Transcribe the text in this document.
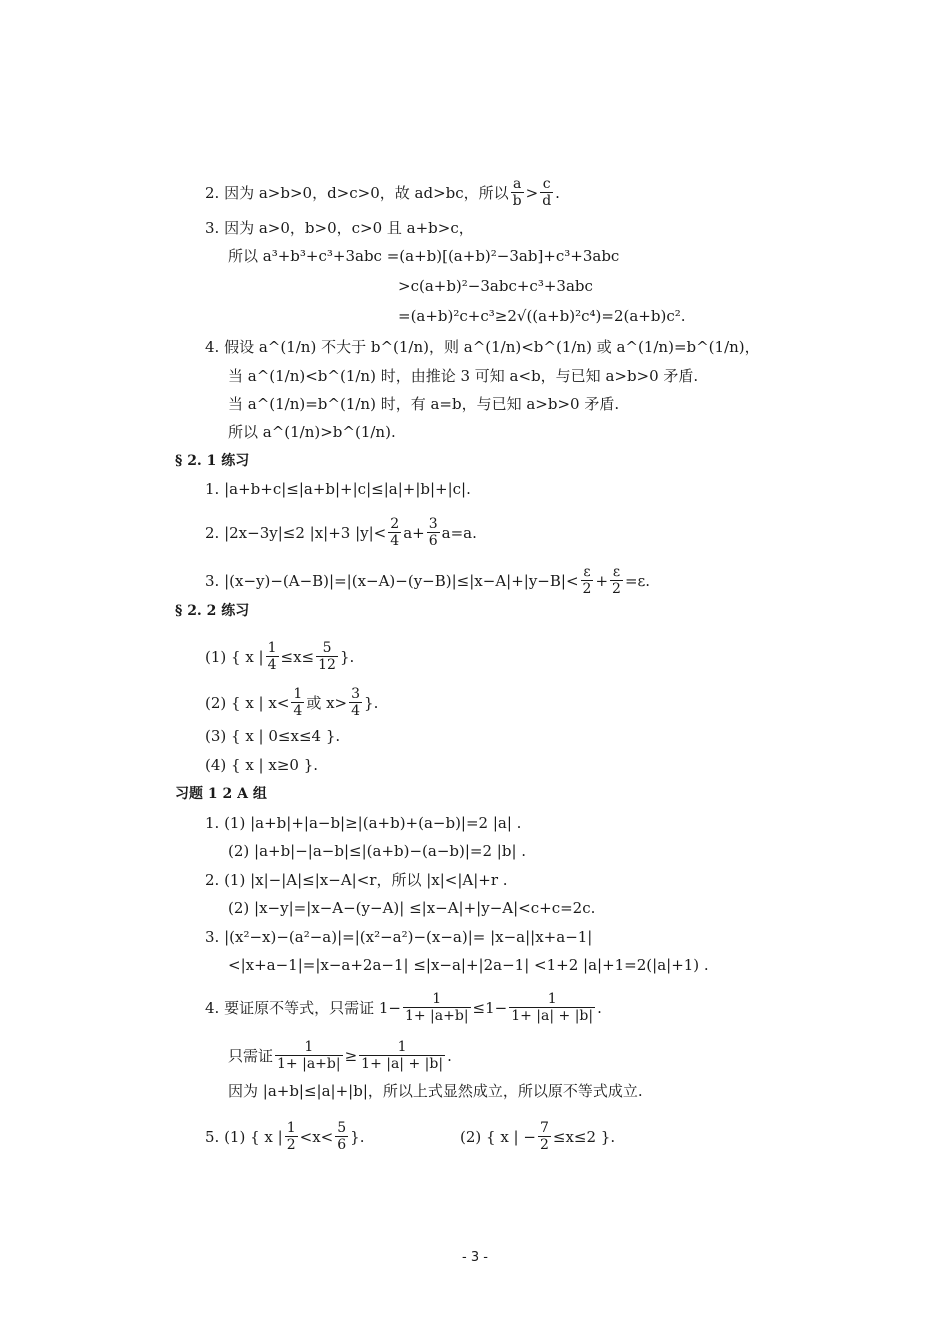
2. 因为 a>b>0，d>c>0，故 ad>bc，所以 $\frac{a}{b} > \frac{c}{d}$ .
3. 因为 a>0，b>0，c>0 且 a+b>c，
所以 a³+b³+c³+3abc =(a+b)[(a+b)²−3ab]+c³+3abc
>c(a+b)²−3abc+c³+3abc
=(a+b)²c+c³≥2√((a+b)²c⁴)=2(a+b)c².
4. 假设 a^(1/n) 不大于 b^(1/n)，则 a^(1/n)<b^(1/n) 或 a^(1/n)=b^(1/n)，
当 a^(1/n)<b^(1/n) 时，由推论 3 可知 a<b，与已知 a>b>0 矛盾.
当 a^(1/n)=b^(1/n) 时，有 a=b，与已知 a>b>0 矛盾.
所以 a^(1/n)>b^(1/n).
§ 2. 1 练习
1. |a+b+c|≤|a+b|+|c|≤|a|+|b|+|c|.
2. |2x−3y|≤2 |x|+3 $|y|< \frac{2}{4} a+ \frac{3}{6} a=a$.
3. $|(x-y)-(A-B)|=|(x-A)-(y-B)|\le|x-A|+|y-B|< \frac{\varepsilon}{2} + \frac{\varepsilon}{2} =\varepsilon$.
§ 2. 2 练习
(1) { x | $\frac{1}{4} \le x\le \frac{5}{12}$ }.
(2) { x | $x< \frac{1}{4}$ 或 $x> \frac{3}{4}$ }.
(3) { x | 0≤x≤4 }.
(4) { x | x≥0 }.
习题 1 2 A 组
1. (1) |a+b|+|a−b|≥|(a+b)+(a−b)|=2 |a| .
(2) |a+b|−|a−b|≤|(a+b)−(a−b)|=2 |b| .
2. (1) |x|−|A|≤|x−A|<r，所以 |x|<|A|+r .
(2) |x−y|=|x−A−(y−A)| ≤|x−A|+|y−A|<c+c=2c.
3. |(x²−x)−(a²−a)|=|(x²−a²)−(x−a)|= |x−a||x+a−1|
<|x+a−1|=|x−a+2a−1| ≤|x−a|+|2a−1| <1+2 |a|+1=2(|a|+1) .
4. 要证原不等式，只需证 $1- \frac{1}{1+ |a+b|} \le 1- \frac{1}{1+ |a| + |b|}$ .
只需证 $\frac{1}{1+ |a+b|} \ge \frac{1}{1+ |a| + |b|}$ .
因为 |a+b|≤|a|+|b|，所以上式显然成立，所以原不等式成立.
5. (1) { x | $\frac{1}{2} <x< \frac{5}{6}$ }.	(2) { x | − $\frac{7}{2} \le x\le 2$ }.
- 3 -
